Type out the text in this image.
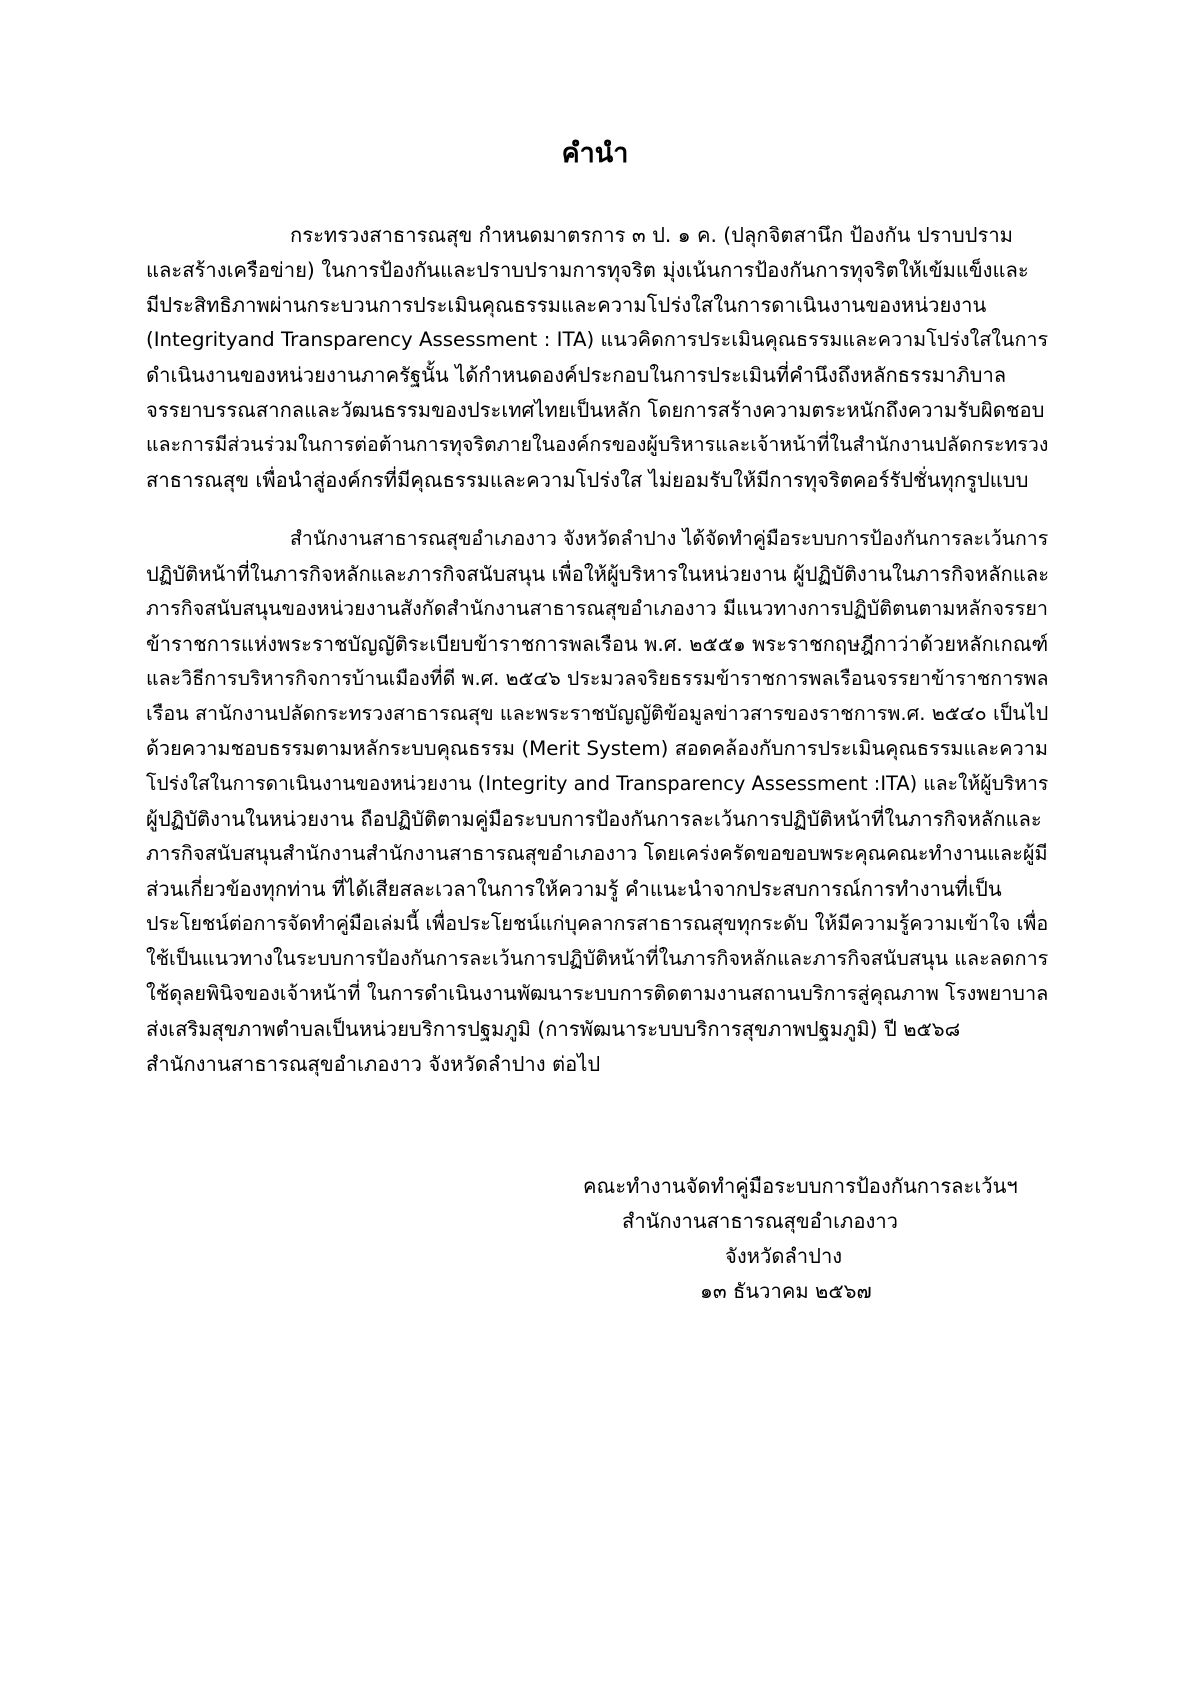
คำนำ
กระทรวงสาธารณสุข กำหนดมาตรการ ๓ ป. ๑ ค. (ปลุกจิตสานึก ป้องกัน ปราบปราม
และสร้างเครือข่าย) ในการป้องกันและปราบปรามการทุจริต มุ่งเน้นการป้องกันการทุจริตให้เข้มแข็งและ
มีประสิทธิภาพผ่านกระบวนการประเมินคุณธรรมและความโปร่งใสในการดาเนินงานของหน่วยงาน
(Integrityand Transparency Assessment : ITA) แนวคิดการประเมินคุณธรรมและความโปร่งใสในการ
ดำเนินงานของหน่วยงานภาครัฐนั้น ได้กำหนดองค์ประกอบในการประเมินที่คำนึงถึงหลักธรรมาภิบาล
จรรยาบรรณสากลและวัฒนธรรมของประเทศไทยเป็นหลัก โดยการสร้างความตระหนักถึงความรับผิดชอบ
และการมีส่วนร่วมในการต่อต้านการทุจริตภายในองค์กรของผู้บริหารและเจ้าหน้าที่ในสำนักงานปลัดกระทรวง
สาธารณสุข เพื่อนำสู่องค์กรที่มีคุณธรรมและความโปร่งใส ไม่ยอมรับให้มีการทุจริตคอร์รัปชั่นทุกรูปแบบ
สำนักงานสาธารณสุขอำเภองาว จังหวัดลำปาง ได้จัดทำคู่มือระบบการป้องกันการละเว้นการ
ปฏิบัติหน้าที่ในภารกิจหลักและภารกิจสนับสนุน เพื่อให้ผู้บริหารในหน่วยงาน ผู้ปฏิบัติงานในภารกิจหลักและ
ภารกิจสนับสนุนของหน่วยงานสังกัดสำนักงานสาธารณสุขอำเภองาว มีแนวทางการปฏิบัติตนตามหลักจรรยา
ข้าราชการแห่งพระราชบัญญัติระเบียบข้าราชการพลเรือน พ.ศ. ๒๕๕๑ พระราชกฤษฎีกาว่าด้วยหลักเกณฑ์
และวิธีการบริหารกิจการบ้านเมืองที่ดี พ.ศ. ๒๕๔๖ ประมวลจริยธรรมข้าราชการพลเรือนจรรยาข้าราชการพล
เรือน สานักงานปลัดกระทรวงสาธารณสุข และพระราชบัญญัติข้อมูลข่าวสารของราชการพ.ศ. ๒๕๔๐ เป็นไป
ด้วยความชอบธรรมตามหลักระบบคุณธรรม (Merit System) สอดคล้องกับการประเมินคุณธรรมและความ
โปร่งใสในการดาเนินงานของหน่วยงาน (Integrity and Transparency Assessment :ITA) และให้ผู้บริหาร
ผู้ปฏิบัติงานในหน่วยงาน ถือปฏิบัติตามคู่มือระบบการป้องกันการละเว้นการปฏิบัติหน้าที่ในภารกิจหลักและ
ภารกิจสนับสนุนสำนักงานสำนักงานสาธารณสุขอำเภองาว โดยเคร่งครัดขอขอบพระคุณคณะทำงานและผู้มี
ส่วนเกี่ยวข้องทุกท่าน ที่ได้เสียสละเวลาในการให้ความรู้ คำแนะนำจากประสบการณ์การทำงานที่เป็น
ประโยชน์ต่อการจัดทำคู่มือเล่มนี้ เพื่อประโยชน์แก่บุคลากรสาธารณสุขทุกระดับ ให้มีความรู้ความเข้าใจ เพื่อ
ใช้เป็นแนวทางในระบบการป้องกันการละเว้นการปฏิบัติหน้าที่ในภารกิจหลักและภารกิจสนับสนุน และลดการ
ใช้ดุลยพินิจของเจ้าหน้าที่ ในการดำเนินงานพัฒนาระบบการติดตามงานสถานบริการสู่คุณภาพ โรงพยาบาล
ส่งเสริมสุขภาพตำบลเป็นหน่วยบริการปฐมภูมิ (การพัฒนาระบบบริการสุขภาพปฐมภูมิ) ปี ๒๕๖๘
สำนักงานสาธารณสุขอำเภองาว จังหวัดลำปาง ต่อไป
คณะทำงานจัดทำคู่มือระบบการป้องกันการละเว้นฯ
สำนักงานสาธารณสุขอำเภองาว
จังหวัดลำปาง
๑๓ ธันวาคม ๒๕๖๗
